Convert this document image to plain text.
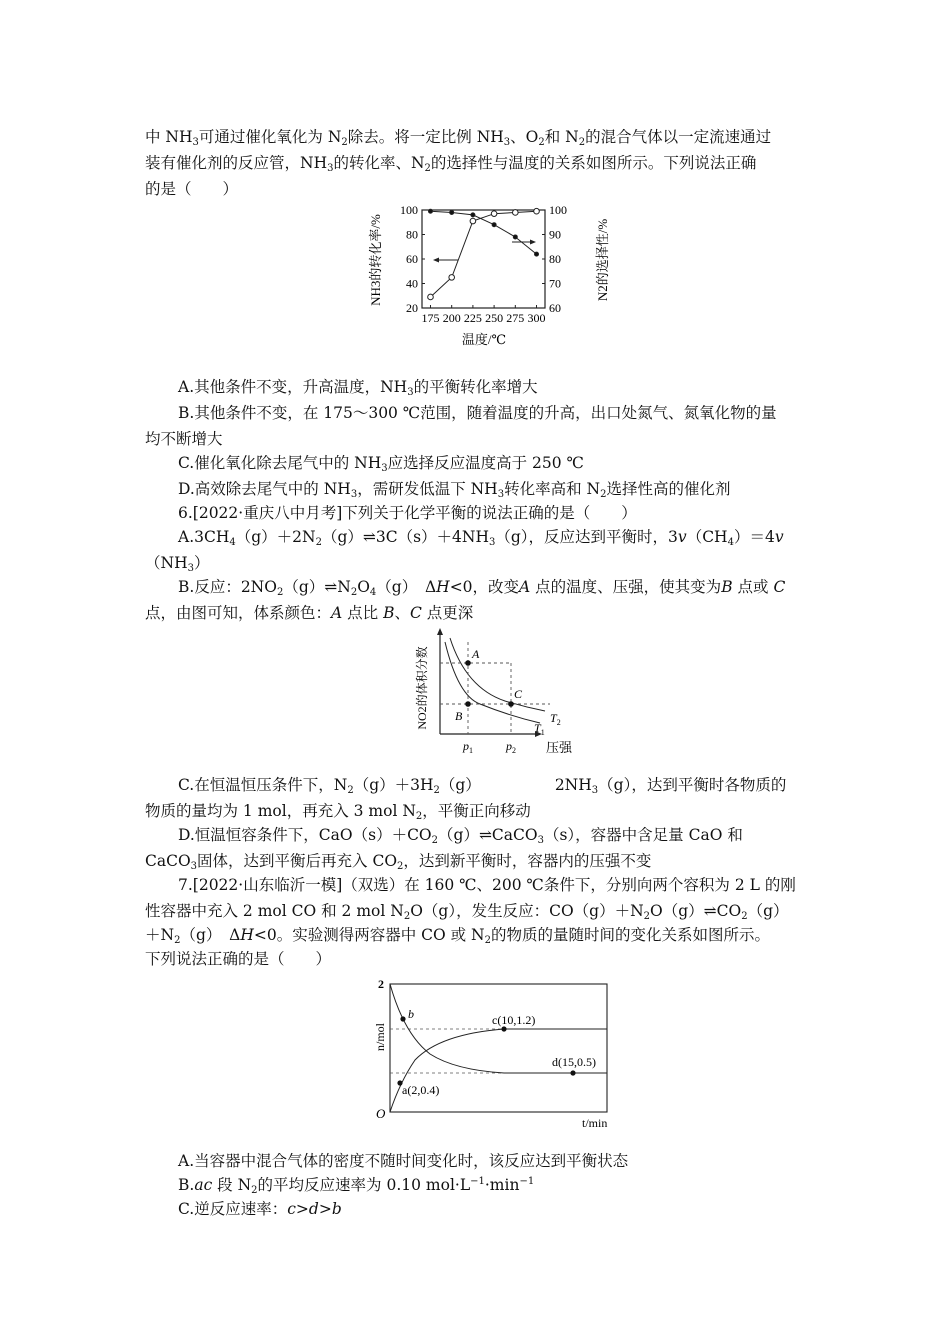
中 $NH_3$可通过催化氧化为 $N_2$除去。将一定比例 $NH_3$、$O_2$和 $N_2$的混合气体以一定流速通过
装有催化剂的反应管，$NH_3$的转化率、$N_2$的选择性与温度的关系如图所示。下列说法正确
的是（　　）
175 200 225 250 275 300
20
40
60
80
100
60
70
80
90
100
NH3的转化率/%	N2的选择性/%
温度/℃
A.其他条件不变，升高温度，$NH_3$的平衡转化率增大
B.其他条件不变，在 175～300 ℃范围，随着温度的升高，出口处氮气、氮氧化物的量
均不断增大
C.催化氧化除去尾气中的 $NH_3$应选择反应温度高于 250 ℃
D.高效除去尾气中的 $NH_3$，需研发低温下 $NH_3$转化率高和 $N_2$选择性高的催化剂
6.[2022·重庆八中月考]下列关于化学平衡的说法正确的是（　　）
$A.3CH_4(g)+2N_2(g)\rightleftharpoons 3C(s)+4NH_3(g)$，反应达到平衡时，$3v(CH_4)=4v$
$(NH_3)$
B.反应：$2NO_2(g)\rightleftharpoons N_2O_4(g)$　ΔH<0，改变A 点的温度、压强，使其变为B 点或 C
点，由图可知，体系颜色：A 点比 B、C 点更深
A
B
C
$T_2$
$T_1$
$p_1$	$p_2$ 压强
NO2的体积分数
C.在恒温恒压条件下，$N_2(g)+3H_2(g)$	$2NH_3(g)$，达到平衡时各物质的
物质的量均为 1 mol，再充入 3 mol $N_2$，平衡正向移动
D.恒温恒容条件下，$CaO(s)+CO_2(g)\rightleftharpoons CaCO_3(s)$，容器中含足量 CaO 和
CaCO$_3$固体，达到平衡后再充入 $CO_2$，达到新平衡时，容器内的压强不变
7.[2022·山东临沂一模]（双选）在 160 ℃、200 ℃条件下，分别向两个容积为 2 L 的刚
性容器中充入 2 mol CO 和 2 mol $N_2O(g)$，发生反应：$CO(g)+N_2O(g)\rightleftharpoons CO_2(g)$
$+N_2(g)$　ΔH<0。实验测得两容器中 CO 或 $N_2$的物质的量随时间的变化关系如图所示。
下列说法正确的是（　　）
a(2,0.4)
b	c(10,1.2)
d(15,0.5)
2
O
n/mol
t/min
A.当容器中混合气体的密度不随时间变化时，该反应达到平衡状态
B.ac 段 $N_2$的平均反应速率为 0.10 $mol\cdot L^{-1}\cdot\min^{-1}$
C.逆反应速率：c>d>b
